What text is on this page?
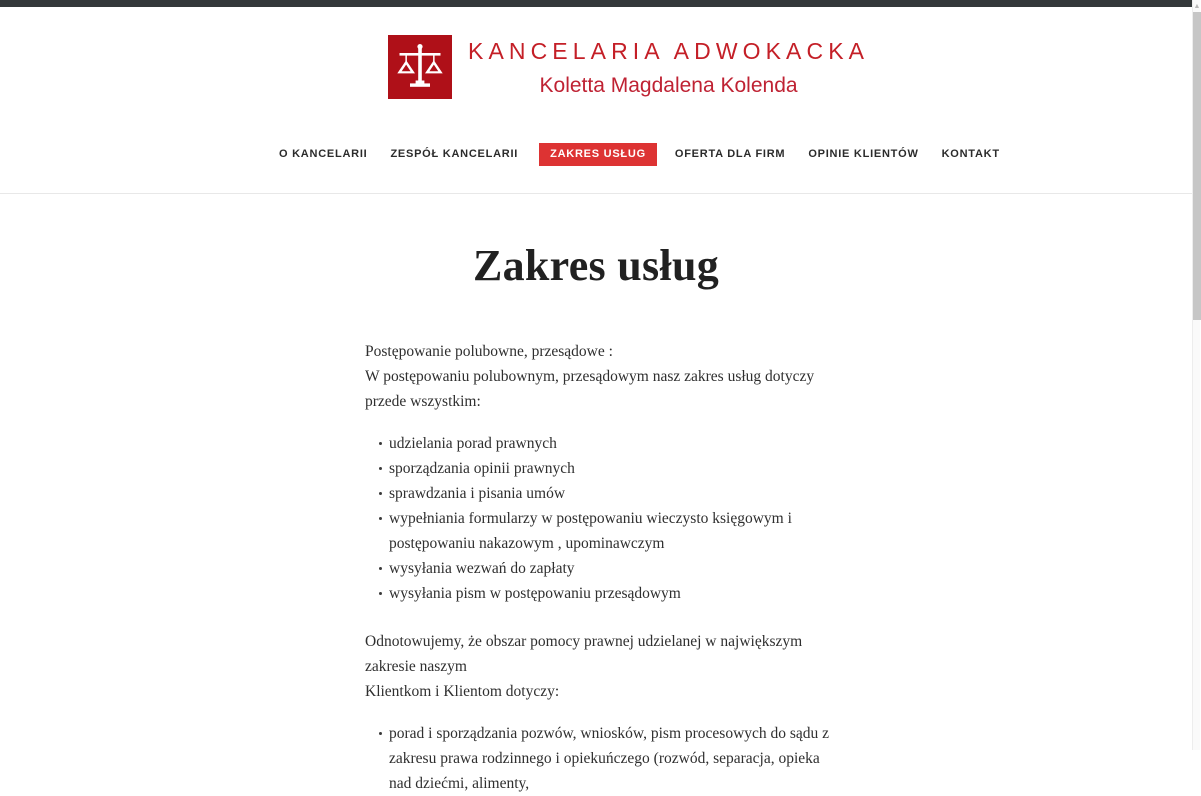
KANCELARIA ADWOKACKA
Koletta Magdalena Kolenda
O KANCELARII ZESPÓŁ KANCELARII	ZAKRES USŁUG	OFERTA DLA FIRM OPINIE KLIENTÓW KONTAKT
Zakres usług

Postępowanie polubowne, przesądowe :

W postępowaniu polubownym, przesądowym nasz zakres usług dotyczy przede wszystkim:

udzielania porad prawnych
sporządzania opinii prawnych
sprawdzania i pisania umów
wypełniania formularzy w postępowaniu wieczysto księgowym i postępowaniu nakazowym , upominawczym
wysyłania wezwań do zapłaty
wysyłania pism w postępowaniu przesądowym

Odnotowujemy, że obszar pomocy prawnej udzielanej w największym zakresie naszym

Klientkom i Klientom dotyczy:

porad i sporządzania pozwów, wniosków, pism procesowych do sądu z zakresu prawa rodzinnego i opiekuńczego (rozwód, separacja, opieka nad dziećmi, alimenty,
▲
